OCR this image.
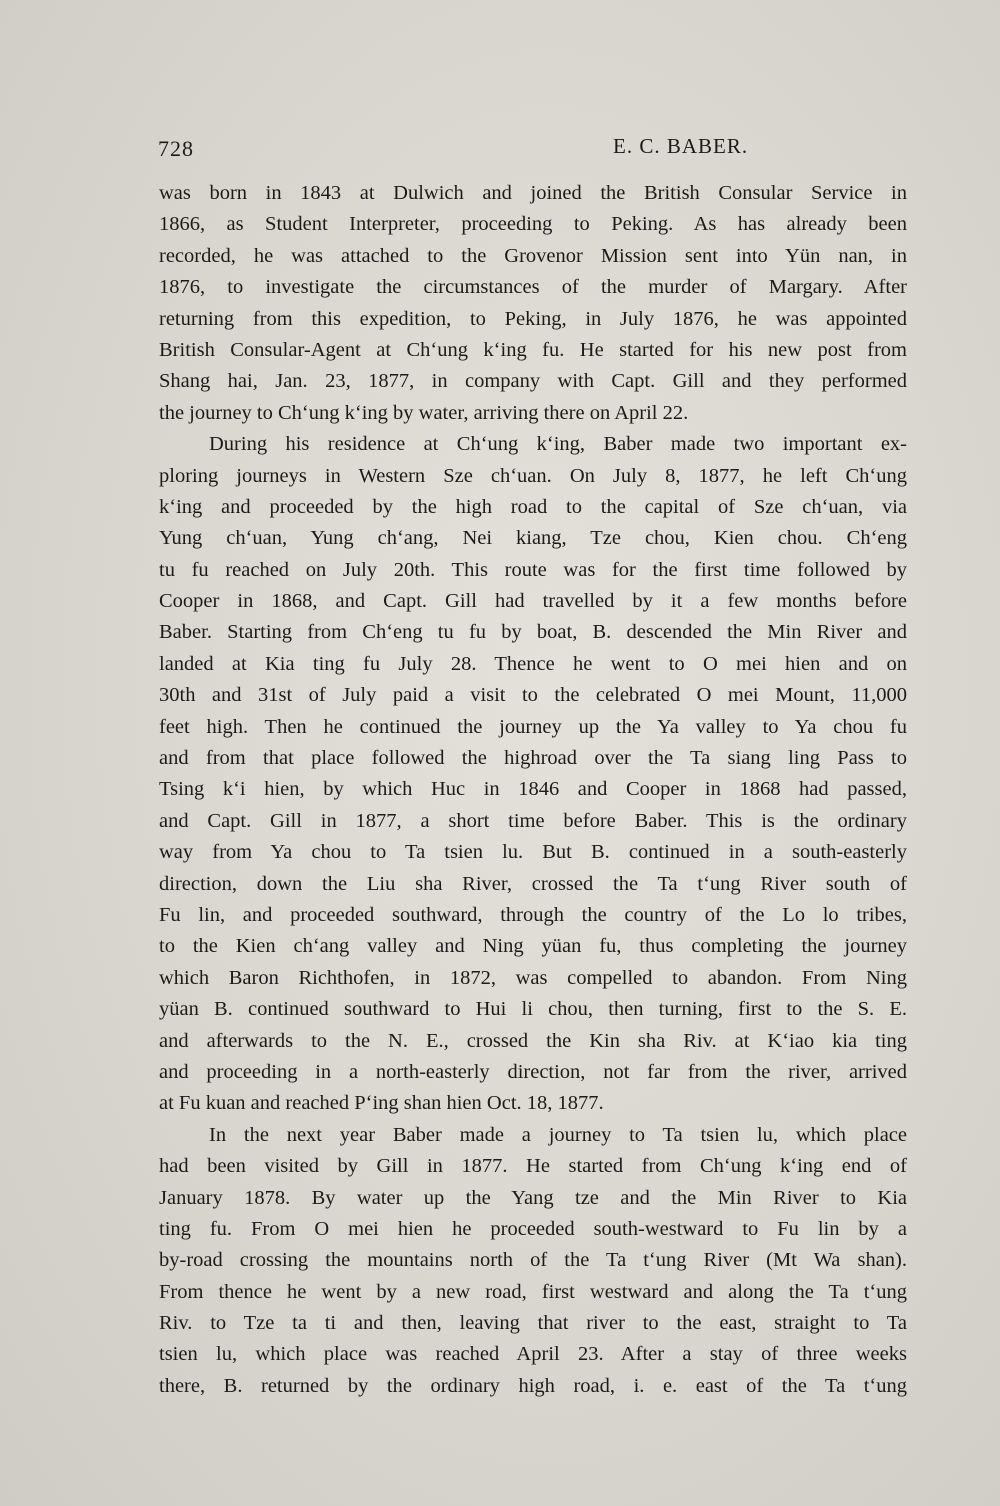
728	E. C. BABER.
was born in 1843 at Dulwich and joined the British Consular Service in
1866, as Student Interpreter, proceeding to Peking. As has already been
recorded, he was attached to the Grovenor Mission sent into Yün nan, in
1876, to investigate the circumstances of the murder of Margary. After
returning from this expedition, to Peking, in July 1876, he was appointed
British Consular-Agent at Chʻung kʻing fu. He started for his new post from
Shang hai, Jan. 23, 1877, in company with Capt. Gill and they performed
the journey to Chʻung kʻing by water, arriving there on April 22.
During his residence at Chʻung kʻing, Baber made two important ex-
ploring journeys in Western Sze chʻuan. On July 8, 1877, he left Chʻung
kʻing and proceeded by the high road to the capital of Sze chʻuan, via
Yung chʻuan, Yung chʻang, Nei kiang, Tze chou, Kien chou. Chʻeng
tu fu reached on July 20th. This route was for the first time followed by
Cooper in 1868, and Capt. Gill had travelled by it a few months before
Baber. Starting from Chʻeng tu fu by boat, B. descended the Min River and
landed at Kia ting fu July 28. Thence he went to O mei hien and on
30th and 31st of July paid a visit to the celebrated O mei Mount, 11,000
feet high. Then he continued the journey up the Ya valley to Ya chou fu
and from that place followed the highroad over the Ta siang ling Pass to
Tsing kʻi hien, by which Huc in 1846 and Cooper in 1868 had passed,
and Capt. Gill in 1877, a short time before Baber. This is the ordinary
way from Ya chou to Ta tsien lu. But B. continued in a south-easterly
direction, down the Liu sha River, crossed the Ta tʻung River south of
Fu lin, and proceeded southward, through the country of the Lo lo tribes,
to the Kien chʻang valley and Ning yüan fu, thus completing the journey
which Baron Richthofen, in 1872, was compelled to abandon. From Ning
yüan B. continued southward to Hui li chou, then turning, first to the S. E.
and afterwards to the N. E., crossed the Kin sha Riv. at Kʻiao kia ting
and proceeding in a north-easterly direction, not far from the river, arrived
at Fu kuan and reached Pʻing shan hien Oct. 18, 1877.
In the next year Baber made a journey to Ta tsien lu, which place
had been visited by Gill in 1877. He started from Chʻung kʻing end of
January 1878. By water up the Yang tze and the Min River to Kia
ting fu. From O mei hien he proceeded south-westward to Fu lin by a
by-road crossing the mountains north of the Ta tʻung River (Mt Wa shan).
From thence he went by a new road, first westward and along the Ta tʻung
Riv. to Tze ta ti and then, leaving that river to the east, straight to Ta
tsien lu, which place was reached April 23. After a stay of three weeks
there, B. returned by the ordinary high road, i. e. east of the Ta tʻung
